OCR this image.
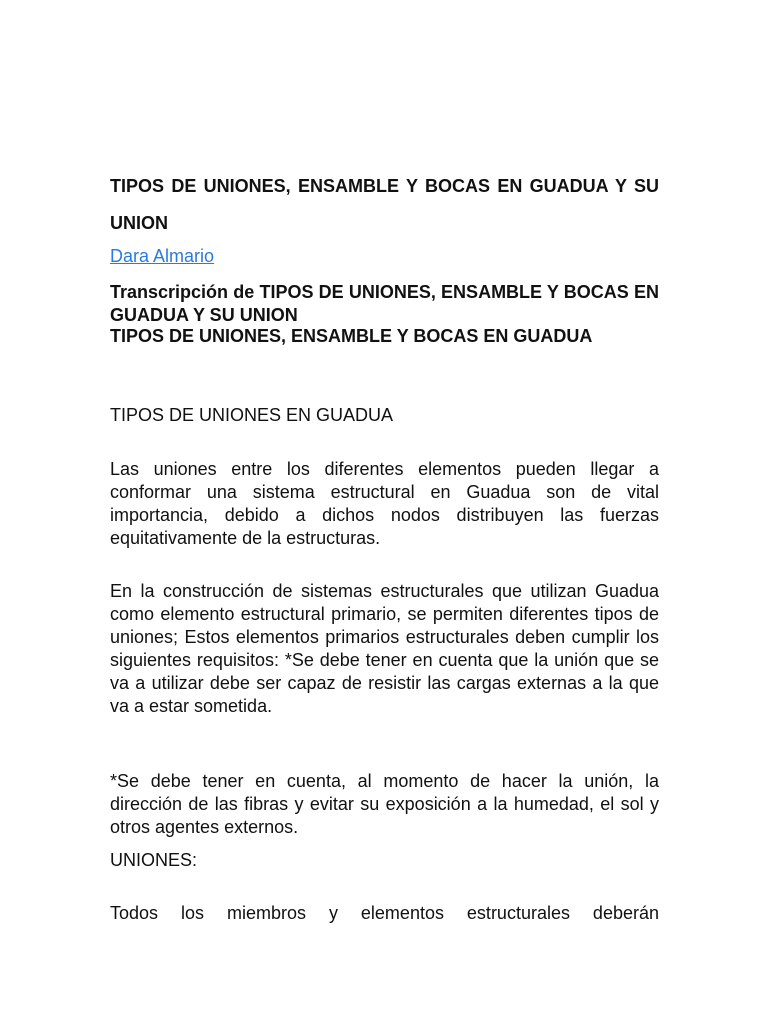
TIPOS DE UNIONES, ENSAMBLE Y BOCAS EN GUADUA Y SU UNION

Dara Almario

Transcripción de TIPOS DE UNIONES, ENSAMBLE Y BOCAS EN GUADUA Y SU UNION

TIPOS DE UNIONES, ENSAMBLE Y BOCAS EN GUADUA

TIPOS DE UNIONES EN GUADUA

Las uniones entre los diferentes elementos pueden llegar a conformar una sistema estructural en Guadua son de vital importancia, debido a dichos nodos distribuyen las fuerzas equitativamente de la estructuras.

En la construcción de sistemas estructurales que utilizan Guadua como elemento estructural primario, se permiten diferentes tipos de uniones; Estos elementos primarios estructurales deben cumplir los siguientes requisitos: *Se debe tener en cuenta que la unión que se va a utilizar debe ser capaz de resistir las cargas externas a la que va a estar sometida.

*Se debe tener en cuenta, al momento de hacer la unión, la dirección de las fibras y evitar su exposición a la humedad, el sol y otros agentes externos.

UNIONES:

Todos los miembros y elementos estructurales deberán
